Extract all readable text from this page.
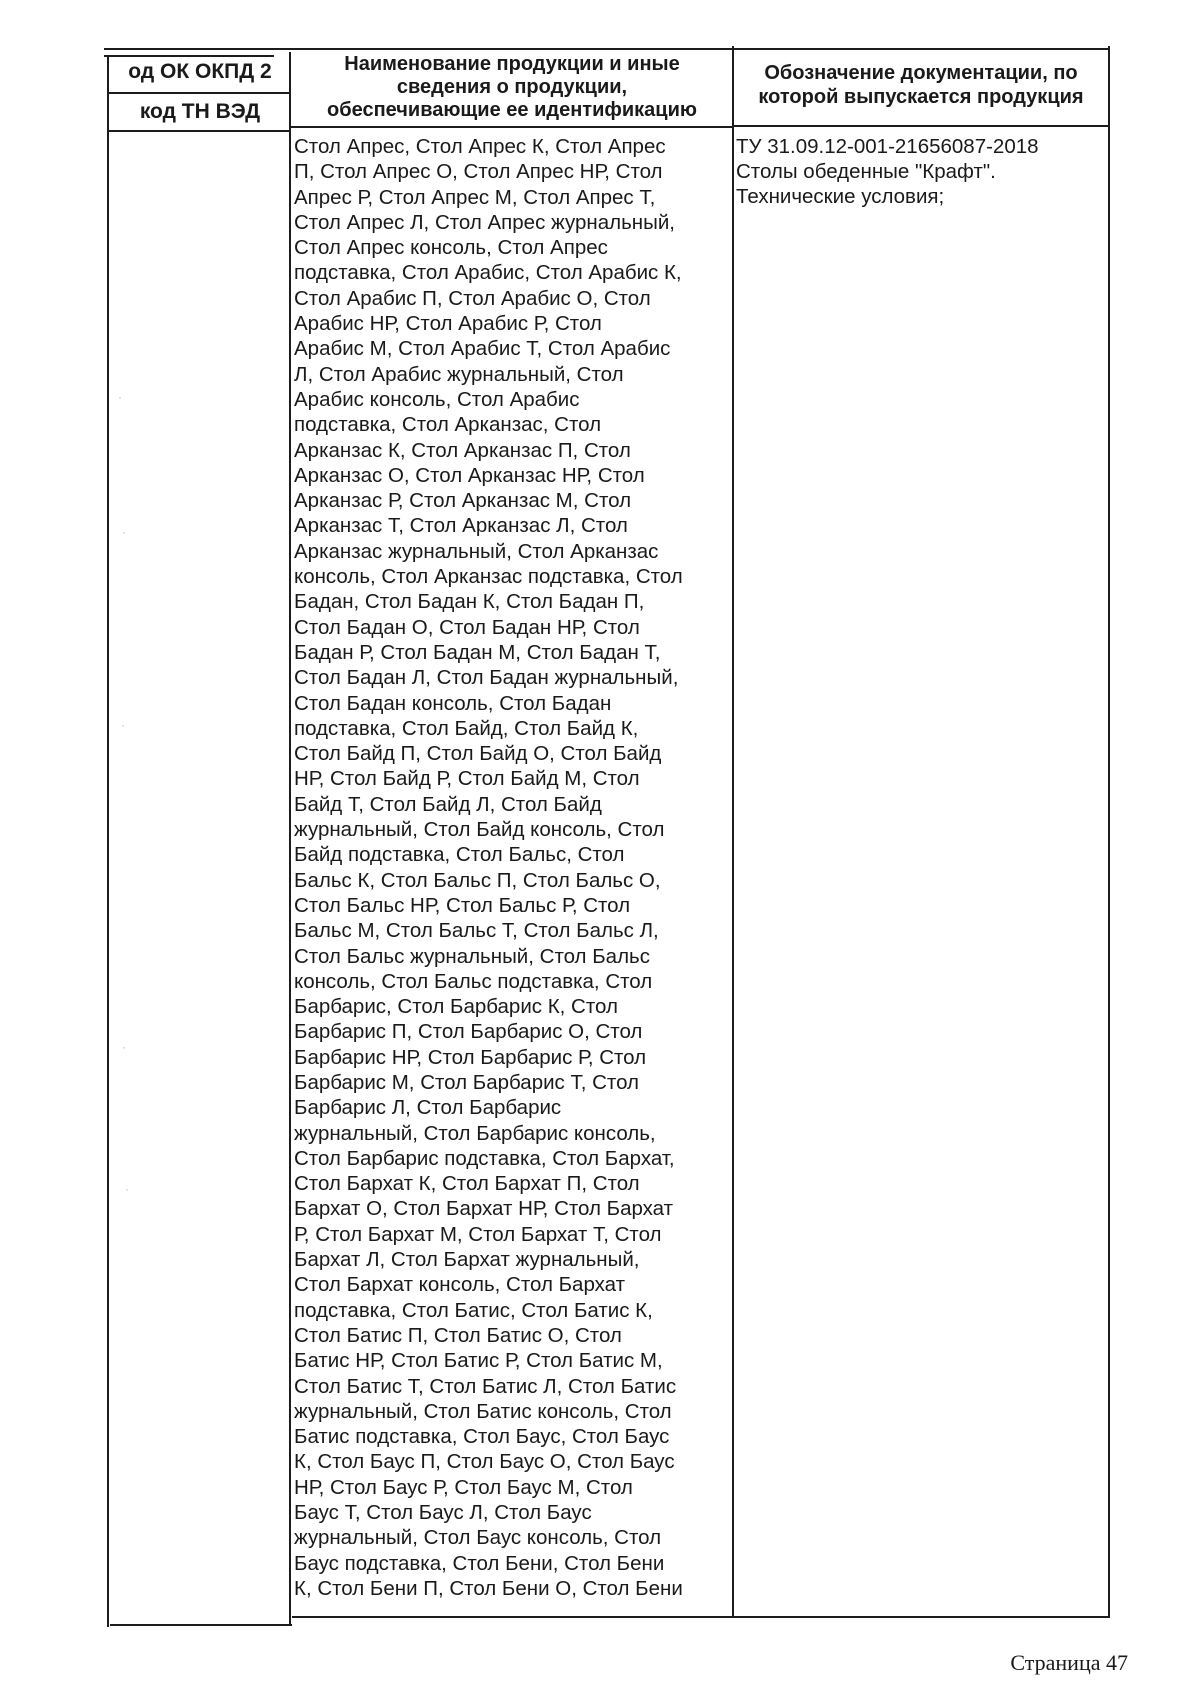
од ОК ОКПД 2
код ТН ВЭД
Наименование продукции и иные
сведения о продукции,
обеспечивающие ее идентификацию
Обозначение документации, по
которой выпускается продукция
Стол Апрес, Стол Апрес К, Стол Апрес
П, Стол Апрес О, Стол Апрес НР, Стол
Апрес Р, Стол Апрес М, Стол Апрес Т,
Стол Апрес Л, Стол Апрес журнальный,
Стол Апрес консоль, Стол Апрес
подставка, Стол Арабис, Стол Арабис К,
Стол Арабис П, Стол Арабис О, Стол
Арабис НР, Стол Арабис Р, Стол
Арабис М, Стол Арабис Т, Стол Арабис
Л, Стол Арабис журнальный, Стол
Арабис консоль, Стол Арабис
подставка, Стол Арканзас, Стол
Арканзас К, Стол Арканзас П, Стол
Арканзас О, Стол Арканзас НР, Стол
Арканзас Р, Стол Арканзас М, Стол
Арканзас Т, Стол Арканзас Л, Стол
Арканзас журнальный, Стол Арканзас
консоль, Стол Арканзас подставка, Стол
Бадан, Стол Бадан К, Стол Бадан П,
Стол Бадан О, Стол Бадан НР, Стол
Бадан Р, Стол Бадан М, Стол Бадан Т,
Стол Бадан Л, Стол Бадан журнальный,
Стол Бадан консоль, Стол Бадан
подставка, Стол Байд, Стол Байд К,
Стол Байд П, Стол Байд О, Стол Байд
НР, Стол Байд Р, Стол Байд М, Стол
Байд Т, Стол Байд Л, Стол Байд
журнальный, Стол Байд консоль, Стол
Байд подставка, Стол Бальс, Стол
Бальс К, Стол Бальс П, Стол Бальс О,
Стол Бальс НР, Стол Бальс Р, Стол
Бальс М, Стол Бальс Т, Стол Бальс Л,
Стол Бальс журнальный, Стол Бальс
консоль, Стол Бальс подставка, Стол
Барбарис, Стол Барбарис К, Стол
Барбарис П, Стол Барбарис О, Стол
Барбарис НР, Стол Барбарис Р, Стол
Барбарис М, Стол Барбарис Т, Стол
Барбарис Л, Стол Барбарис
журнальный, Стол Барбарис консоль,
Стол Барбарис подставка, Стол Бархат,
Стол Бархат К, Стол Бархат П, Стол
Бархат О, Стол Бархат НР, Стол Бархат
Р, Стол Бархат М, Стол Бархат Т, Стол
Бархат Л, Стол Бархат журнальный,
Стол Бархат консоль, Стол Бархат
подставка, Стол Батис, Стол Батис К,
Стол Батис П, Стол Батис О, Стол
Батис НР, Стол Батис Р, Стол Батис М,
Стол Батис Т, Стол Батис Л, Стол Батис
журнальный, Стол Батис консоль, Стол
Батис подставка, Стол Баус, Стол Баус
К, Стол Баус П, Стол Баус О, Стол Баус
НР, Стол Баус Р, Стол Баус М, Стол
Баус Т, Стол Баус Л, Стол Баус
журнальный, Стол Баус консоль, Стол
Баус подставка, Стол Бени, Стол Бени
К, Стол Бени П, Стол Бени О, Стол Бени
ТУ 31.09.12-001-21656087-2018
Столы обеденные "Крафт".
Технические условия;
·
·
·
·
·
Страница 47
